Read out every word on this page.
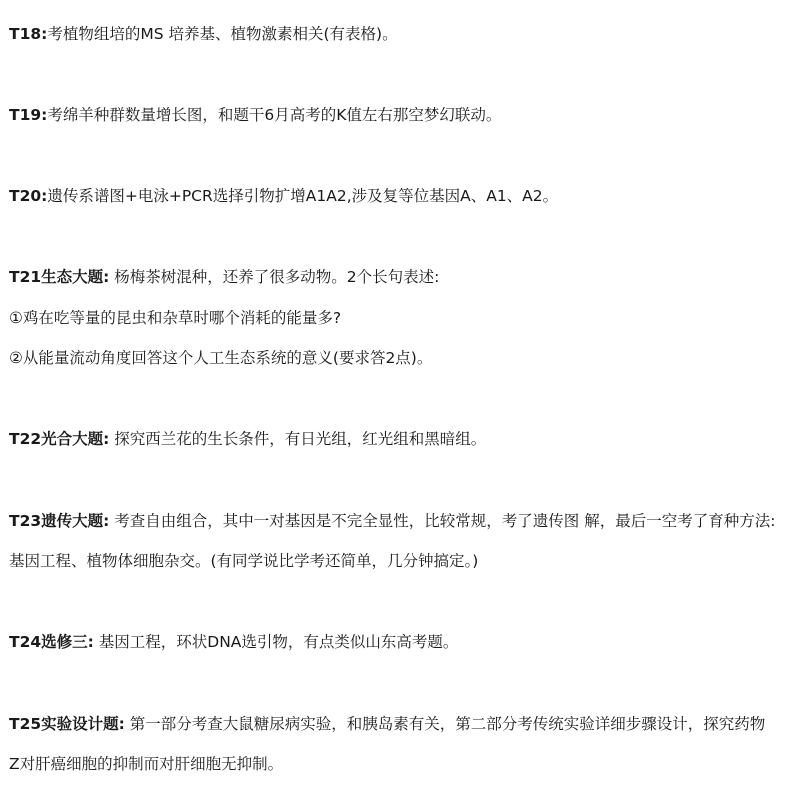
T18:考植物组培的MS 培养基、植物激素相关(有表格)。
T19:考绵羊种群数量增长图，和题干6月高考的K值左右那空梦幻联动。
T20:遗传系谱图+电泳+PCR选择引物扩增A1A2,涉及复等位基因A、A1、A2。
T21生态大题: 杨梅茶树混种，还养了很多动物。2个长句表述:
①鸡在吃等量的昆虫和杂草时哪个消耗的能量多?
②从能量流动角度回答这个人工生态系统的意义(要求答2点)。
T22光合大题: 探究西兰花的生长条件，有日光组，红光组和黑暗组。
T23遗传大题: 考查自由组合，其中一对基因是不完全显性，比较常规，考了遗传图 解，最后一空考了育种方法:
基因工程、植物体细胞杂交。(有同学说比学考还简单，几分钟搞定。)
T24选修三: 基因工程，环状DNA选引物，有点类似山东高考题。
T25实验设计题: 第一部分考查大鼠糖尿病实验，和胰岛素有关，第二部分考传统实验详细步骤设计，探究药物
Z对肝癌细胞的抑制而对肝细胞无抑制。
